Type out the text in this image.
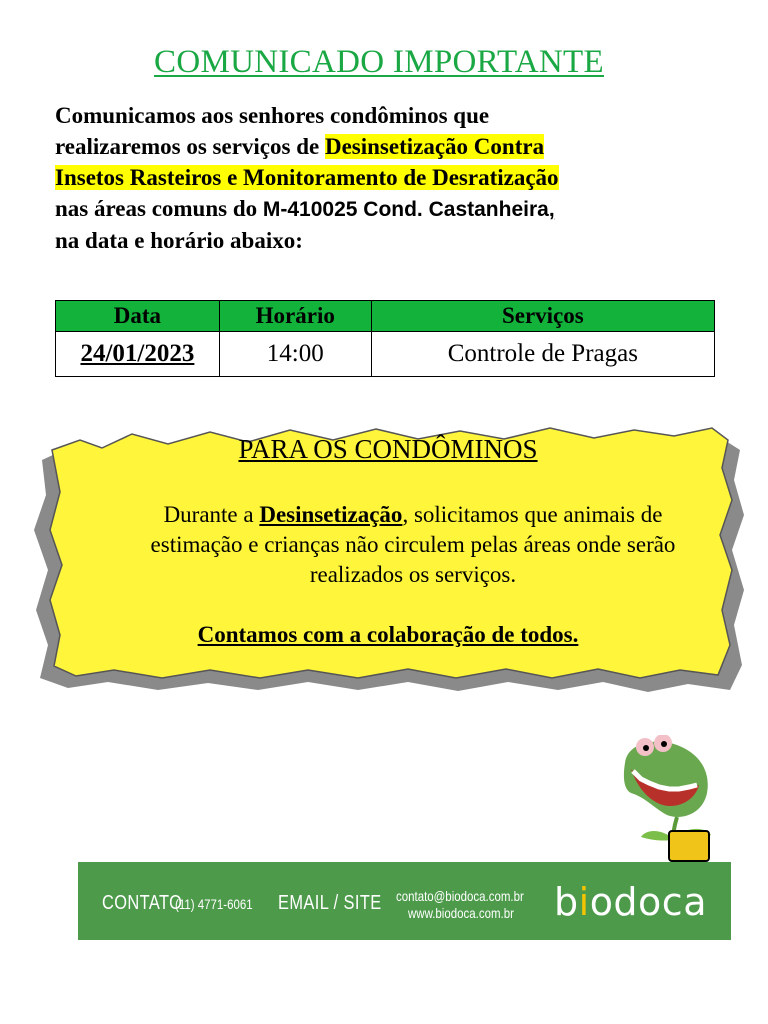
COMUNICADO IMPORTANTE
Comunicamos aos senhores condôminos que
realizaremos os serviços de Desinsetização Contra
Insetos Rasteiros e Monitoramento de Desratização
nas áreas comuns do M-410025 Cond. Castanheira,
na data e horário abaixo:
Data	Horário	Serviços
24/01/2023	14:00	Controle de Pragas
PARA OS CONDÔMINOS
Durante a Desinsetização, solicitamos que animais de estimação e crianças não circulem pelas áreas onde serão realizados os serviços.
Contamos com a colaboração de todos.
CONTATO
(11) 4771-6061 EMAIL / SITE contato@biodoca.com.br
www.biodoca.com.br biodoca
